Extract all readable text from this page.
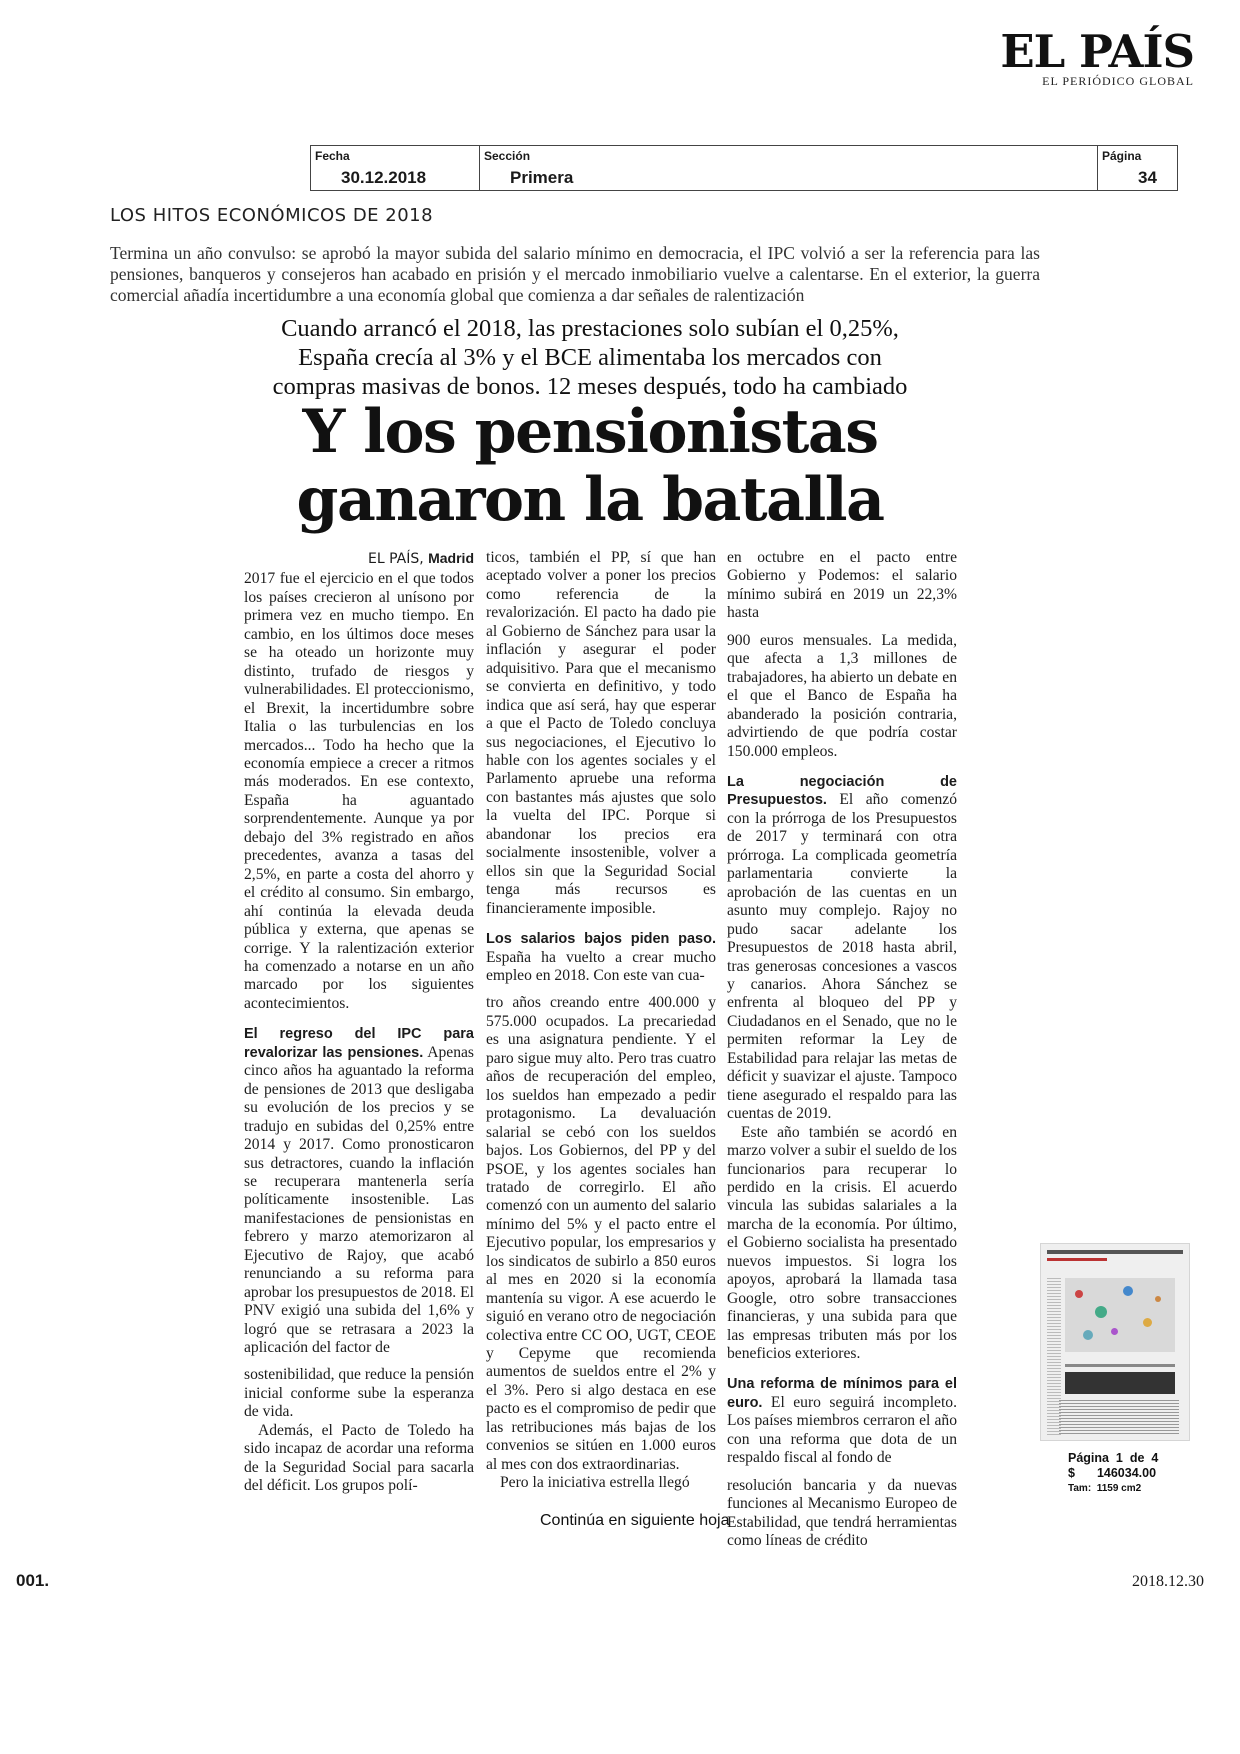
EL PAÍS
EL PERIÓDICO GLOBAL
Fecha
30.12.2018
Sección
Primera
Página
34
LOS HITOS ECONÓMICOS DE 2018
Termina un año convulso: se aprobó la mayor subida del salario mínimo en democracia, el IPC volvió a ser la referencia para las pensiones, banqueros y consejeros han acabado en prisión y el mercado inmobiliario vuelve a calentarse. En el exterior, la guerra comercial añadía incertidumbre a una economía global que comienza a dar señales de ralentización
Cuando arrancó el 2018, las prestaciones solo subían el 0,25%,
España crecía al 3% y el BCE alimentaba los mercados con
compras masivas de bonos. 12 meses después, todo ha cambiado
Y los pensionistas
ganaron la batalla
EL PAÍS, Madrid

2017 fue el ejercicio en el que todos los países crecieron al unísono por primera vez en mucho tiempo. En cambio, en los últimos doce meses se ha oteado un horizonte muy distinto, trufado de riesgos y vulnerabilidades. El proteccionismo, el Brexit, la incertidumbre sobre Italia o las turbulencias en los mercados... Todo ha hecho que la economía empiece a crecer a ritmos más moderados. En ese contexto, España ha aguantado sorprendentemente. Aunque ya por debajo del 3% registrado en años precedentes, avanza a tasas del 2,5%, en parte a costa del ahorro y el crédito al consumo. Sin embargo, ahí continúa la elevada deuda pública y externa, que apenas se corrige. Y la ralentización exterior ha comenzado a notarse en un año marcado por los siguientes acontecimientos.

El regreso del IPC para revalorizar las pensiones. Apenas cinco años ha aguantado la reforma de pensiones de 2013 que desligaba su evolución de los precios y se tradujo en subidas del 0,25% entre 2014 y 2017. Como pronosticaron sus detractores, cuando la inflación se recuperara mantenerla sería políticamente insostenible. Las manifestaciones de pensionistas en febrero y marzo atemorizaron al Ejecutivo de Rajoy, que acabó renunciando a su reforma para aprobar los presupuestos de 2018. El PNV exigió una subida del 1,6% y logró que se retrasara a 2023 la aplicación del factor de

sostenibilidad, que reduce la pensión inicial conforme sube la esperanza de vida.

Además, el Pacto de Toledo ha sido incapaz de acordar una reforma de la Seguridad Social para sacarla del déficit. Los grupos polí-

ticos, también el PP, sí que han aceptado volver a poner los precios como referencia de la revalorización. El pacto ha dado pie al Gobierno de Sánchez para usar la inflación y asegurar el poder adquisitivo. Para que el mecanismo se convierta en definitivo, y todo indica que así será, hay que esperar a que el Pacto de Toledo concluya sus negociaciones, el Ejecutivo lo hable con los agentes sociales y el Parlamento apruebe una reforma con bastantes más ajustes que solo la vuelta del IPC. Porque si abandonar los precios era socialmente insostenible, volver a ellos sin que la Seguridad Social tenga más recursos es financieramente imposible.

Los salarios bajos piden paso. España ha vuelto a crear mucho empleo en 2018. Con este van cua-

tro años creando entre 400.000 y 575.000 ocupados. La precariedad es una asignatura pendiente. Y el paro sigue muy alto. Pero tras cuatro años de recuperación del empleo, los sueldos han empezado a pedir protagonismo. La devaluación salarial se cebó con los sueldos bajos. Los Gobiernos, del PP y del PSOE, y los agentes sociales han tratado de corregirlo. El año comenzó con un aumento del salario mínimo del 5% y el pacto entre el Ejecutivo popular, los empresarios y los sindicatos de subirlo a 850 euros al mes en 2020 si la economía mantenía su vigor. A ese acuerdo le siguió en verano otro de negociación colectiva entre CC OO, UGT, CEOE y Cepyme que recomienda aumentos de sueldos entre el 2% y el 3%. Pero si algo destaca en ese pacto es el compromiso de pedir que las retribuciones más bajas de los convenios se sitúen en 1.000 euros al mes con dos extraordinarias.

Pero la iniciativa estrella llegó

en octubre en el pacto entre Gobierno y Podemos: el salario mínimo subirá en 2019 un 22,3% hasta

900 euros mensuales. La medida, que afecta a 1,3 millones de trabajadores, ha abierto un debate en el que el Banco de España ha abanderado la posición contraria, advirtiendo de que podría costar 150.000 empleos.

La negociación de Presupuestos. El año comenzó con la prórroga de los Presupuestos de 2017 y terminará con otra prórroga. La complicada geometría parlamentaria convierte la aprobación de las cuentas en un asunto muy complejo. Rajoy no pudo sacar adelante los Presupuestos de 2018 hasta abril, tras generosas concesiones a vascos y canarios. Ahora Sánchez se enfrenta al bloqueo del PP y Ciudadanos en el Senado, que no le permiten reformar la Ley de Estabilidad para relajar las metas de déficit y suavizar el ajuste. Tampoco tiene asegurado el respaldo para las cuentas de 2019.

Este año también se acordó en marzo volver a subir el sueldo de los funcionarios para recuperar lo perdido en la crisis. El acuerdo vincula las subidas salariales a la marcha de la economía. Por último, el Gobierno socialista ha presentado nuevos impuestos. Si logra los apoyos, aprobará la llamada tasa Google, otro sobre transacciones financieras, y una subida para que las empresas tributen más por los beneficios exteriores.

Una reforma de mínimos para el euro. El euro seguirá incompleto. Los países miembros cerraron el año con una reforma que dota de un respaldo fiscal al fondo de

resolución bancaria y da nuevas funciones al Mecanismo Europeo de Estabilidad, que tendrá herramientas como líneas de crédito

Continúa en siguiente hoja
Página  1  de  4
$ 146034.00
Tam:  1159 cm2
001.	2018.12.30
